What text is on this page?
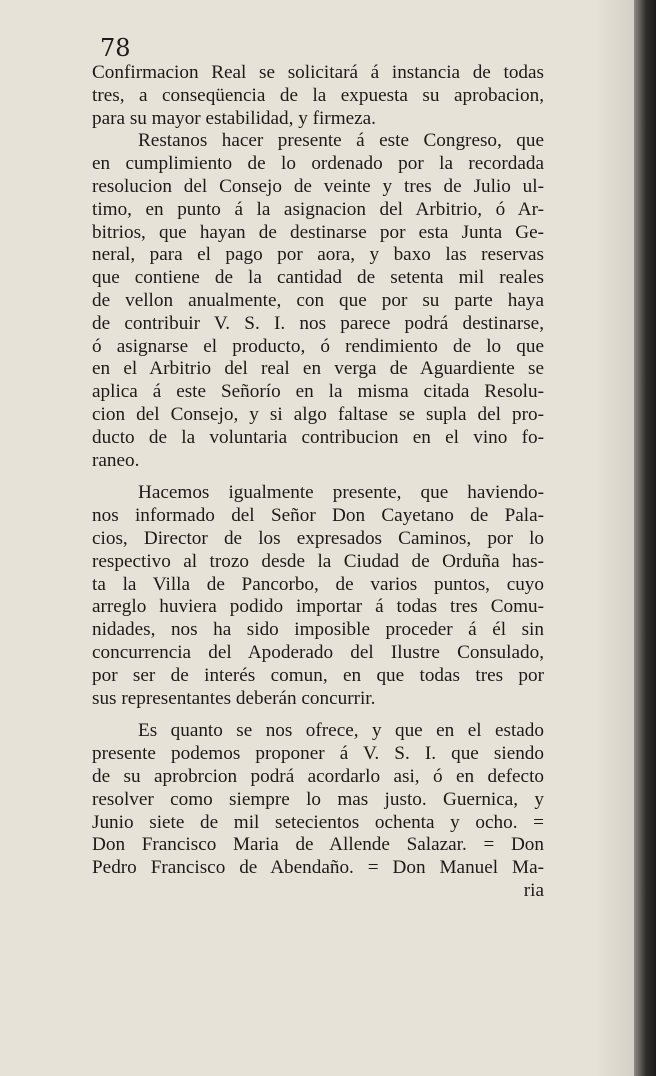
78

Confirmacion Real se solicitará á instancia de todas
tres, a conseqüencia de la expuesta su aprobacion,
para su mayor estabilidad, y firmeza.
Restanos hacer presente á este Congreso, que
en cumplimiento de lo ordenado por la recordada
resolucion del Consejo de veinte y tres de Julio ul-
timo, en punto á la asignacion del Arbitrio, ó Ar-
bitrios, que hayan de destinarse por esta Junta Ge-
neral, para el pago por aora, y baxo las reservas
que contiene de la cantidad de setenta mil reales
de vellon anualmente, con que por su parte haya
de contribuir V. S. I. nos parece podrá destinarse,
ó asignarse el producto, ó rendimiento de lo que
en el Arbitrio del real en verga de Aguardiente se
aplica á este Señorío en la misma citada Resolu-
cion del Consejo, y si algo faltase se supla del pro-
ducto de la voluntaria contribucion en el vino fo-
raneo.
Hacemos igualmente presente, que haviendo-
nos informado del Señor Don Cayetano de Pala-
cios, Director de los expresados Caminos, por lo
respectivo al trozo desde la Ciudad de Orduña has-
ta la Villa de Pancorbo, de varios puntos, cuyo
arreglo huviera podido importar á todas tres Comu-
nidades, nos ha sido imposible proceder á él sin
concurrencia del Apoderado del Ilustre Consulado,
por ser de interés comun, en que todas tres por
sus representantes deberán concurrir.
Es quanto se nos ofrece, y que en el estado
presente podemos proponer á V. S. I. que siendo
de su aprobrcion podrá acordarlo asi, ó en defecto
resolver como siempre lo mas justo. Guernica, y
Junio siete de mil setecientos ochenta y ocho. =
Don Francisco Maria de Allende Salazar. = Don
Pedro Francisco de Abendaño. = Don Manuel Ma-
ria
